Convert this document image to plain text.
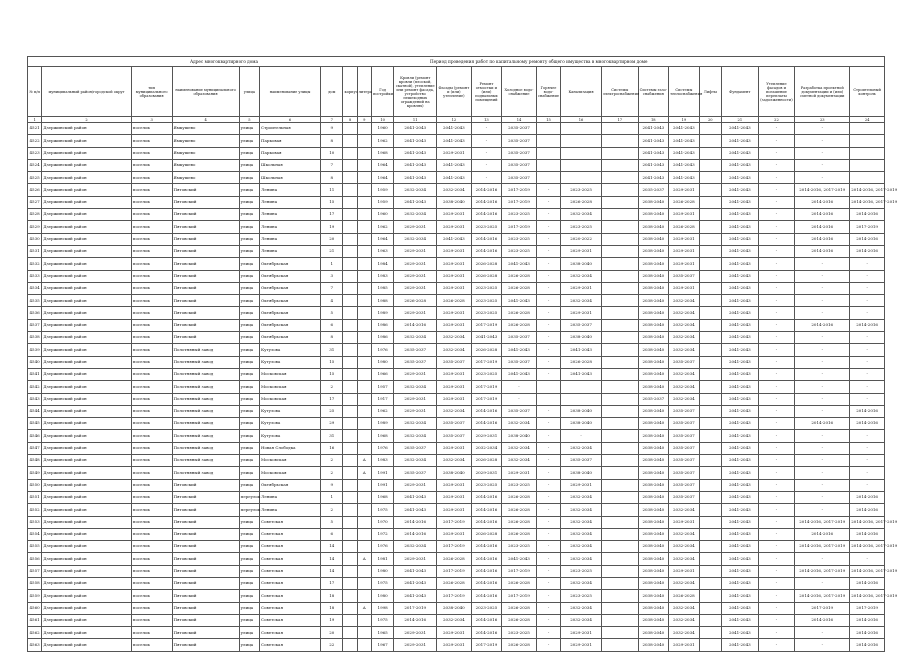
Адрес многоквартирного дома	Период проведения работ по капитальному ремонту общего имущества в многоквартирном доме

№ п/п	муниципальный район/городской округ	тип муниципального образования	наименование муниципального образования	улица	наименование улицы	дом	корпус	литера	Год постройки	Кровли (ремонт кровли (плоской, скатной), утепление или ремонт фасада, устройство пешеходных ограждений на кровлях)	Фасады (ремонт и (или) утепление)	Ремонт отмостки и (или) подвальных помещений	Холодное водо-снабжение	Горячее водо-снабжение	Канализация	Системы электроснабжения	Системы газо-снабжения	Системы теплоснабжения	Лифты	Фундамент	Утепление фасадов и погашение переплаты (задолженности)	Разработка проектной документации и (или) сметной документации	Строительный контроль
1	2	3	4	5	6	7	8	9	10	11	12	13	14	15	16	17	18	19	20	21	22	23	24
4521	Дзержинский район	поселок	Ямкушево	улица	Строительная	9			1960	2041-2043	2041-2043	-	2035-2037				2041-2043	2041-2043		2041-2043	-	-	
4522	Дзержинский район	поселок	Ямкушево	улица	Парковая	8			1962	2041-2043	2041-2043	-	2035-2037				2041-2043	2041-2043		2041-2043	-	-	
4523	Дзержинский район	поселок	Ямкушево	улица	Парковая	10			1968	2041-2043	2029-2031	-	2035-2037				2041-2043	2041-2043		2041-2043	-	-	
4524	Дзержинский район	поселок	Ямкушево	улица	Школьная	7			1964	2041-2043	2041-2043	-	2035-2037				2041-2043	2041-2043		2041-2043	-	-	
4525	Дзержинский район	поселок	Ямкушево	улица	Школьная	8			1964	2041-2043	2041-2043	-	2035-2037				2041-2043	2041-2043		2041-2043	-	-	
4526	Дзержинский район	поселок	Пятовский	улица	Ленина	11			1959	2032-2034	2032-2034	2014-2016	2017-2019	-	2023-2025		2035-2037	2029-2031		2041-2043	-	2014-2016, 2017-2019	2014-2016, 2017-2019
4527	Дзержинский район	поселок	Пятовский	улица	Ленина	15			1959	2041-2043	2038-2040	2014-2016	2017-2019	-	2026-2028		2038-2040	2026-2028		2041-2043	-	2014-2016	2014-2016, 2017-2019
4528	Дзержинский район	поселок	Пятовский	улица	Ленина	17			1960	2032-2034	2029-2031	2014-2016	2023-2025	-	2032-2034		2038-2040	2029-2031		2041-2043	-	2014-2016	2014-2016
4529	Дзержинский район	поселок	Пятовский	улица	Ленина	19			1962	2029-2031	2029-2031	2023-2025	2017-2019	-	2023-2025		2038-2040	2026-2028		2041-2043	-	2014-2016	2017-2019
4530	Дзержинский район	поселок	Пятовский	улица	Ленина	20			1964	2032-2034	2041-2043	2014-2016	2023-2025	-	2020-2022		2038-2040	2029-2031		2041-2043	-	2014-2016	2014-2016
4531	Дзержинский район	поселок	Пятовский	улица	Ленина	21			1963	2029-2031	2029-2031	2014-2016	2023-2025	-	2029-2031		2038-2040	2029-2031		2041-2043	-	2014-2016	2014-2016
4532	Дзержинский район	поселок	Пятовский	улица	Октябрьская	1			1984	2029-2031	2029-2031	2026-2028	2041-2043	-	2038-2040		2038-2040	2029-2031		2041-2043	-	-	-
4533	Дзержинский район	поселок	Пятовский	улица	Октябрьская	3			1983	2029-2031	2029-2031	2026-2028	2026-2028	-	2032-2034		2038-2040	2035-2037		2041-2043	-	-	-
4534	Дзержинский район	поселок	Пятовский	улица	Октябрьская	7			1985	2029-2031	2029-2031	2023-2025	2026-2028	-	2029-2031		2038-2040	2029-2031		2041-2043	-	-	-
4535	Дзержинский район	поселок	Пятовский	улица	Октябрьская	4			1988	2026-2028	2026-2028	2023-2025	2041-2043	-	2032-2034		2038-2040	2032-2034		2041-2043	-	-	-
4536	Дзержинский район	поселок	Пятовский	улица	Октябрьская	5			1989	2029-2031	2029-2031	2023-2025	2026-2028	-	2029-2031		2038-2040	2032-2034		2041-2043	-	-	-
4537	Дзержинский район	поселок	Пятовский	улица	Октябрьская	6			1986	2014-2016	2029-2031	2017-2019	2026-2028	-	2035-2037		2038-2040	2032-2034		2041-2043	-	2014-2016	2014-2016
4538	Дзержинский район	поселок	Пятовский	улица	Октябрьская	8			1986	2032-2034	2032-2034	2041-2043	2035-2037	-	2038-2040		2038-2040	2032-2034		2041-2043	-	-	-
4539	Дзержинский район	поселок	Полотняный завод	улица	Кутузова	31			1976	2035-2037	2032-2034	2026-2028	2041-2043	-	2041-2043		2038-2040	2032-2034		2041-2043	-	-	-
4540	Дзержинский район	поселок	Полотняный завод	улица	Кутузова	15			1980	2035-2037	2035-2037	2017-2019	2035-2037	-	2026-2028		2038-2040	2035-2037		2041-2043	-	-	-
4541	Дзержинский район	поселок	Полотняный завод	улица	Московская	15			1966	2029-2031	2029-2031	2023-2025	2041-2043	-	2041-2043		2038-2040	2032-2034		2041-2043	-	-	-
4542	Дзержинский район	поселок	Полотняный завод	улица	Московская	2			1957	2032-2034	2029-2031	2017-2019	-				2038-2040	2032-2034		2041-2043	-	-	-
4543	Дзержинский район	поселок	Полотняный завод	улица	Московская	17			1917	2029-2031	2029-2031	2017-2019	-				2035-2037	2032-2034		2041-2043	-	-	-
4544	Дзержинский район	поселок	Полотняный завод	улица	Кутузова	25			1962	2029-2031	2032-2034	2014-2016	2035-2037	-	2038-2040		2038-2040	2035-2037		2041-2043	-	-	2014-2016
4545	Дзержинский район	поселок	Полотняный завод	улица	Кутузова	29			1989	2032-2034	2035-2037	2014-2016	2032-2034	-	2038-2040		2038-2040	2035-2037		2041-2043	-	2014-2016	2014-2016
4546	Дзержинский район	поселок	Полотняный завод	улица	Кутузова	31			1968	2032-2034	2035-2037	2029-2031	2038-2040	-	-		2038-2040	2035-2037		2041-2043	-	-	-
4547	Дзержинский район	поселок	Полотняный завод	улица	Новая Слободка	16			1976	2035-2037	2029-2031	2032-2034	2032-2034	-	2032-2034		2038-2040	2035-2037		2041-2043	-	-	-
4548	Дзержинский район	поселок	Полотняный завод	улица	Московская	2		А	1983	2032-2034	2032-2034	2026-2028	2032-2034	-	2035-2037		2038-2040	2035-2037		2041-2043	-	-	-
4549	Дзержинский район	поселок	Полотняный завод	улица	Московская	2		А	1991	2035-2037	2038-2040	2029-2031	2029-2031	-	2038-2040		2038-2040	2035-2037		2041-2043	-	-	-
4550	Дзержинский район	поселок	Пятовский	улица	Октябрьская	9			1991	2029-2031	2029-2031	2023-2025	2023-2025	-	2029-2031		2038-2040	2035-2037		2041-2043	-	-	-
4551	Дзержинский район	поселок	Пятовский	переулок	Ленина	1			1968	2041-2043	2029-2031	2014-2016	2026-2028	-	2032-2034		2038-2040	2035-2037		2041-2043	-	-	2014-2016
4552	Дзержинский район	поселок	Пятовский	переулок	Ленина	2			1975	2041-2043	2029-2031	2014-2016	2026-2028	-	2032-2034		2038-2040	2032-2034		2041-2043	-	-	2014-2016
4553	Дзержинский район	поселок	Пятовский	улица	Советская	5			1970	2014-2016	2017-2019	2014-2016	2026-2028	-	2032-2034		2038-2040	2029-2031		2041-2043	-	2014-2016, 2017-2019	2014-2016, 2017-2019
4554	Дзержинский район	поселок	Пятовский	улица	Советская	6			1972	2014-2016	2029-2031	2026-2028	2026-2028	-	2032-2034		2038-2040	2032-2034		2041-2043	-	2014-2016	2014-2016
4555	Дзержинский район	поселок	Пятовский	улица	Советская	14			1976	2032-2034	2017-2019	2014-2016	2023-2025	-	2032-2034		2038-2040	2032-2034		2041-2043	-	2014-2016, 2017-2019	2014-2016, 2017-2019
4556	Дзержинский район	поселок	Пятовский	улица	Советская	14		А	1981	2029-2031	2026-2028	2014-2016	2041-2043	-	2032-2034		2038-2040	2032-2034		2041-2043	-	-	-
4557	Дзержинский район	поселок	Пятовский	улица	Советская	14			1980	2041-2043	2017-2019	2014-2016	2017-2019	-	2023-2025		2038-2040	2029-2031		2041-2043	-	2014-2016, 2017-2019	2014-2016, 2017-2019
4558	Дзержинский район	поселок	Пятовский	улица	Советская	17			1975	2041-2043	2026-2028	2014-2016	2026-2028	-	2032-2034		2038-2040	2032-2034		2041-2043	-	-	2014-2016
4559	Дзержинский район	поселок	Пятовский	улица	Советская	18			1980	2041-2043	2017-2019	2014-2016	2017-2019	-	2023-2025		2038-2040	2026-2028		2041-2043	-	2014-2016, 2017-2019	2014-2016, 2017-2019
4560	Дзержинский район	поселок	Пятовский	улица	Советская	18		А	1998	2017-2019	2038-2040	2023-2025	2026-2028	-	2032-2034		2038-2040	2032-2034		2041-2043	-	2017-2019	2017-2019
4561	Дзержинский район	поселок	Пятовский	улица	Советская	19			1975	2014-2016	2032-2034	2014-2016	2026-2028	-	2032-2034		2038-2040	2032-2034		2041-2043	-	2014-2016	2014-2016
4562	Дзержинский район	поселок	Пятовский	улица	Советская	20			1965	2029-2031	2029-2031	2014-2016	2023-2025	-	2029-2031		2038-2040	2032-2034		2041-2043	-	-	2014-2016
4563	Дзержинский район	поселок	Пятовский	улица	Советская	22			1967	2029-2031	2029-2031	2017-2019	2026-2028	-	2029-2031		2038-2040	2029-2031		2041-2043	-	-	2014-2016
